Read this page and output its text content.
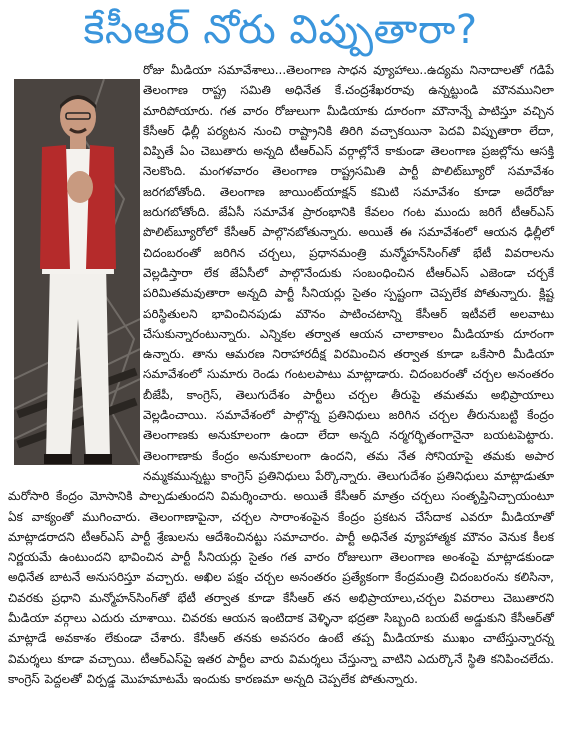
కేసీఆర్ నోరు విప్పుతారా?

రోజు మీడియా సమావేశాలు...తెలంగాణ సాధన వ్యూహాలు..ఉద్యమ నినాదాలతో గడిపే తెలంగాణ రాష్ట్ర సమితి అధినేత కే.చంద్రశేఖరరావు ఉన్నట్టుండి మౌనమునిలా మారిపోయారు. గత వారం రోజులుగా మీడియాకు దూరంగా మౌనాన్నే పాటిస్తూ వచ్చిన కేసీఆర్ ఢిల్లీ పర్యటన నుంచి రాష్ట్రానికి తిరిగి వచ్చాకయినా పెదవి విప్పుతారా లేదా, విప్పితే ఏం చెబుతారు అన్నది టీఆర్ఎస్ వర్గాల్లోనే కాకుండా తెలంగాణ ప్రజల్లోను ఆసక్తి నెలకొంది. మంగళవారం తెలంగాణ రాష్ట్రసమితి పార్టీ పొలిట్‌బ్యూరో సమావేశం జరగబోతోంది. తెలంగాణ జాయింట్‌యాక్షన్ కమిటి సమావేశం కూడా అదేరోజు జరుగబోతోంది. జేఏసీ సమావేశ ప్రారంభానికి కేవలం గంట ముందు జరిగే టీఆర్ఎస్ పొలిట్‌బ్యూరోలో కేసీఆర్ పాల్గొనబోతున్నారు. అయితే ఈ సమావేశంలో ఆయన ఢిల్లీలో చిదంబరంతో జరిగిన చర్చలు, ప్రధానమంత్రి మన్మోహన్‌సింగ్‌తో భేటీ వివరాలను వెల్లడిస్తారా లేక జేఏసీలో పాల్గొనేందుకు సంబంధించిన టీఆర్ఎస్ ఎజెండా చర్చకే పరిమితమవుతారా అన్నది పార్టీ సీనియర్లు సైతం స్పష్టంగా చెప్పలేక పోతున్నారు. క్లిష్ట పరిస్థితులని భావించినపుడు మౌనం పాటించటాన్ని కేసీఆర్ ఇటీవలే అలవాటు చేసుకున్నారంటున్నారు. ఎన్నికల తర్వాత ఆయన చాలాకాలం మీడియాకు దూరంగా ఉన్నారు. తాను ఆమరణ నిరాహారదీక్ష విరమించిన తర్వాత కూడా ఒకేసారి మీడియా సమావేశంలో సుమారు రెండు గంటలపాటు మాట్లాడారు. చిదంబరంతో చర్చల అనంతరం బీజేపీ, కాంగ్రెస్, తెలుగుదేశం పార్టీలు చర్చల తీరుపై తమతమ అభిప్రాయాలు వెల్లడించాయి. సమావేశంలో పాల్గొన్న ప్రతినిధులు జరిగిన చర్చల తీరునుబట్టి కేంద్రం తెలంగాణకు అనుకూలంగా ఉందా లేదా అన్నది నర్మగర్భితంగానైనా బయటపెట్టారు. తెలంగాణాకు కేంద్రం అనుకూలంగా ఉందని, తమ నేత సోనియాపై తమకు అపార నమ్మకమున్నట్టు కాంగ్రెస్ ప్రతినిధులు పేర్కొన్నారు. తెలుగుదేశం ప్రతినిధులు మాట్లాడుతూ మరోసారి కేంద్రం మోసానికి పాల్పడుతుందని విమర్శించారు. అయితే కేసీఆర్ మాత్రం చర్చలు సంతృప్తినిచ్చాయంటూ ఏక వాక్యంతో ముగించారు. తెలంగాణాపైనా, చర్చల సారాంశంపైన కేంద్రం ప్రకటన చేసేదాక ఎవరూ మీడియాతో మాట్లాడరాదని టీఆర్ఎస్ పార్టీ శ్రేణులను ఆదేశించినట్టు సమాచారం. పార్టీ అధినేత వ్యూహాత్మక మౌనం వెనుక కీలక నిర్ణయమే ఉంటుందని భావించిన పార్టీ సీనియర్లు సైతం గత వారం రోజులుగా తెలంగాణ అంశంపై మాట్లాడకుండా అధినేత బాటనే అనుసరిస్తూ వచ్చారు. అఖిల పక్షం చర్చల అనంతరం ప్రత్యేకంగా కేంద్రమంత్రి చిదంబరంను కలిసినా, చివరకు ప్రధాని మన్మోహన్‌సింగ్‌తో భేటీ తర్వాత కూడా కేసీఆర్ తన అభిప్రాయాలు,చర్చల వివరాలు చెబుతారని మీడియా వర్గాలు ఎదురు చూశాయి. చివరకు ఆయన ఇంటిదాక వెళ్ళినా భద్రతా సిబ్బంది బయటే అడ్డుకుని కేసీఆర్‌తో మాట్లాడే అవకాశం లేకుండా చేశారు. కేసీఆర్ తనకు అవసరం ఉంటే తప్ప మీడియాకు ముఖం చాటేస్తున్నారన్న విమర్శలు కూడా వచ్చాయి. టీఆర్ఎస్‌పై ఇతర పార్టీల వారు విమర్శలు చేస్తున్నా వాటిని ఎదుర్కొనే స్థితి కనిపించలేదు. కాంగ్రెస్ పెద్దలతో విర్పడ్డ మొహమాటమే ఇందుకు కారణమా అన్నది చెప్పలేక పోతున్నారు.
